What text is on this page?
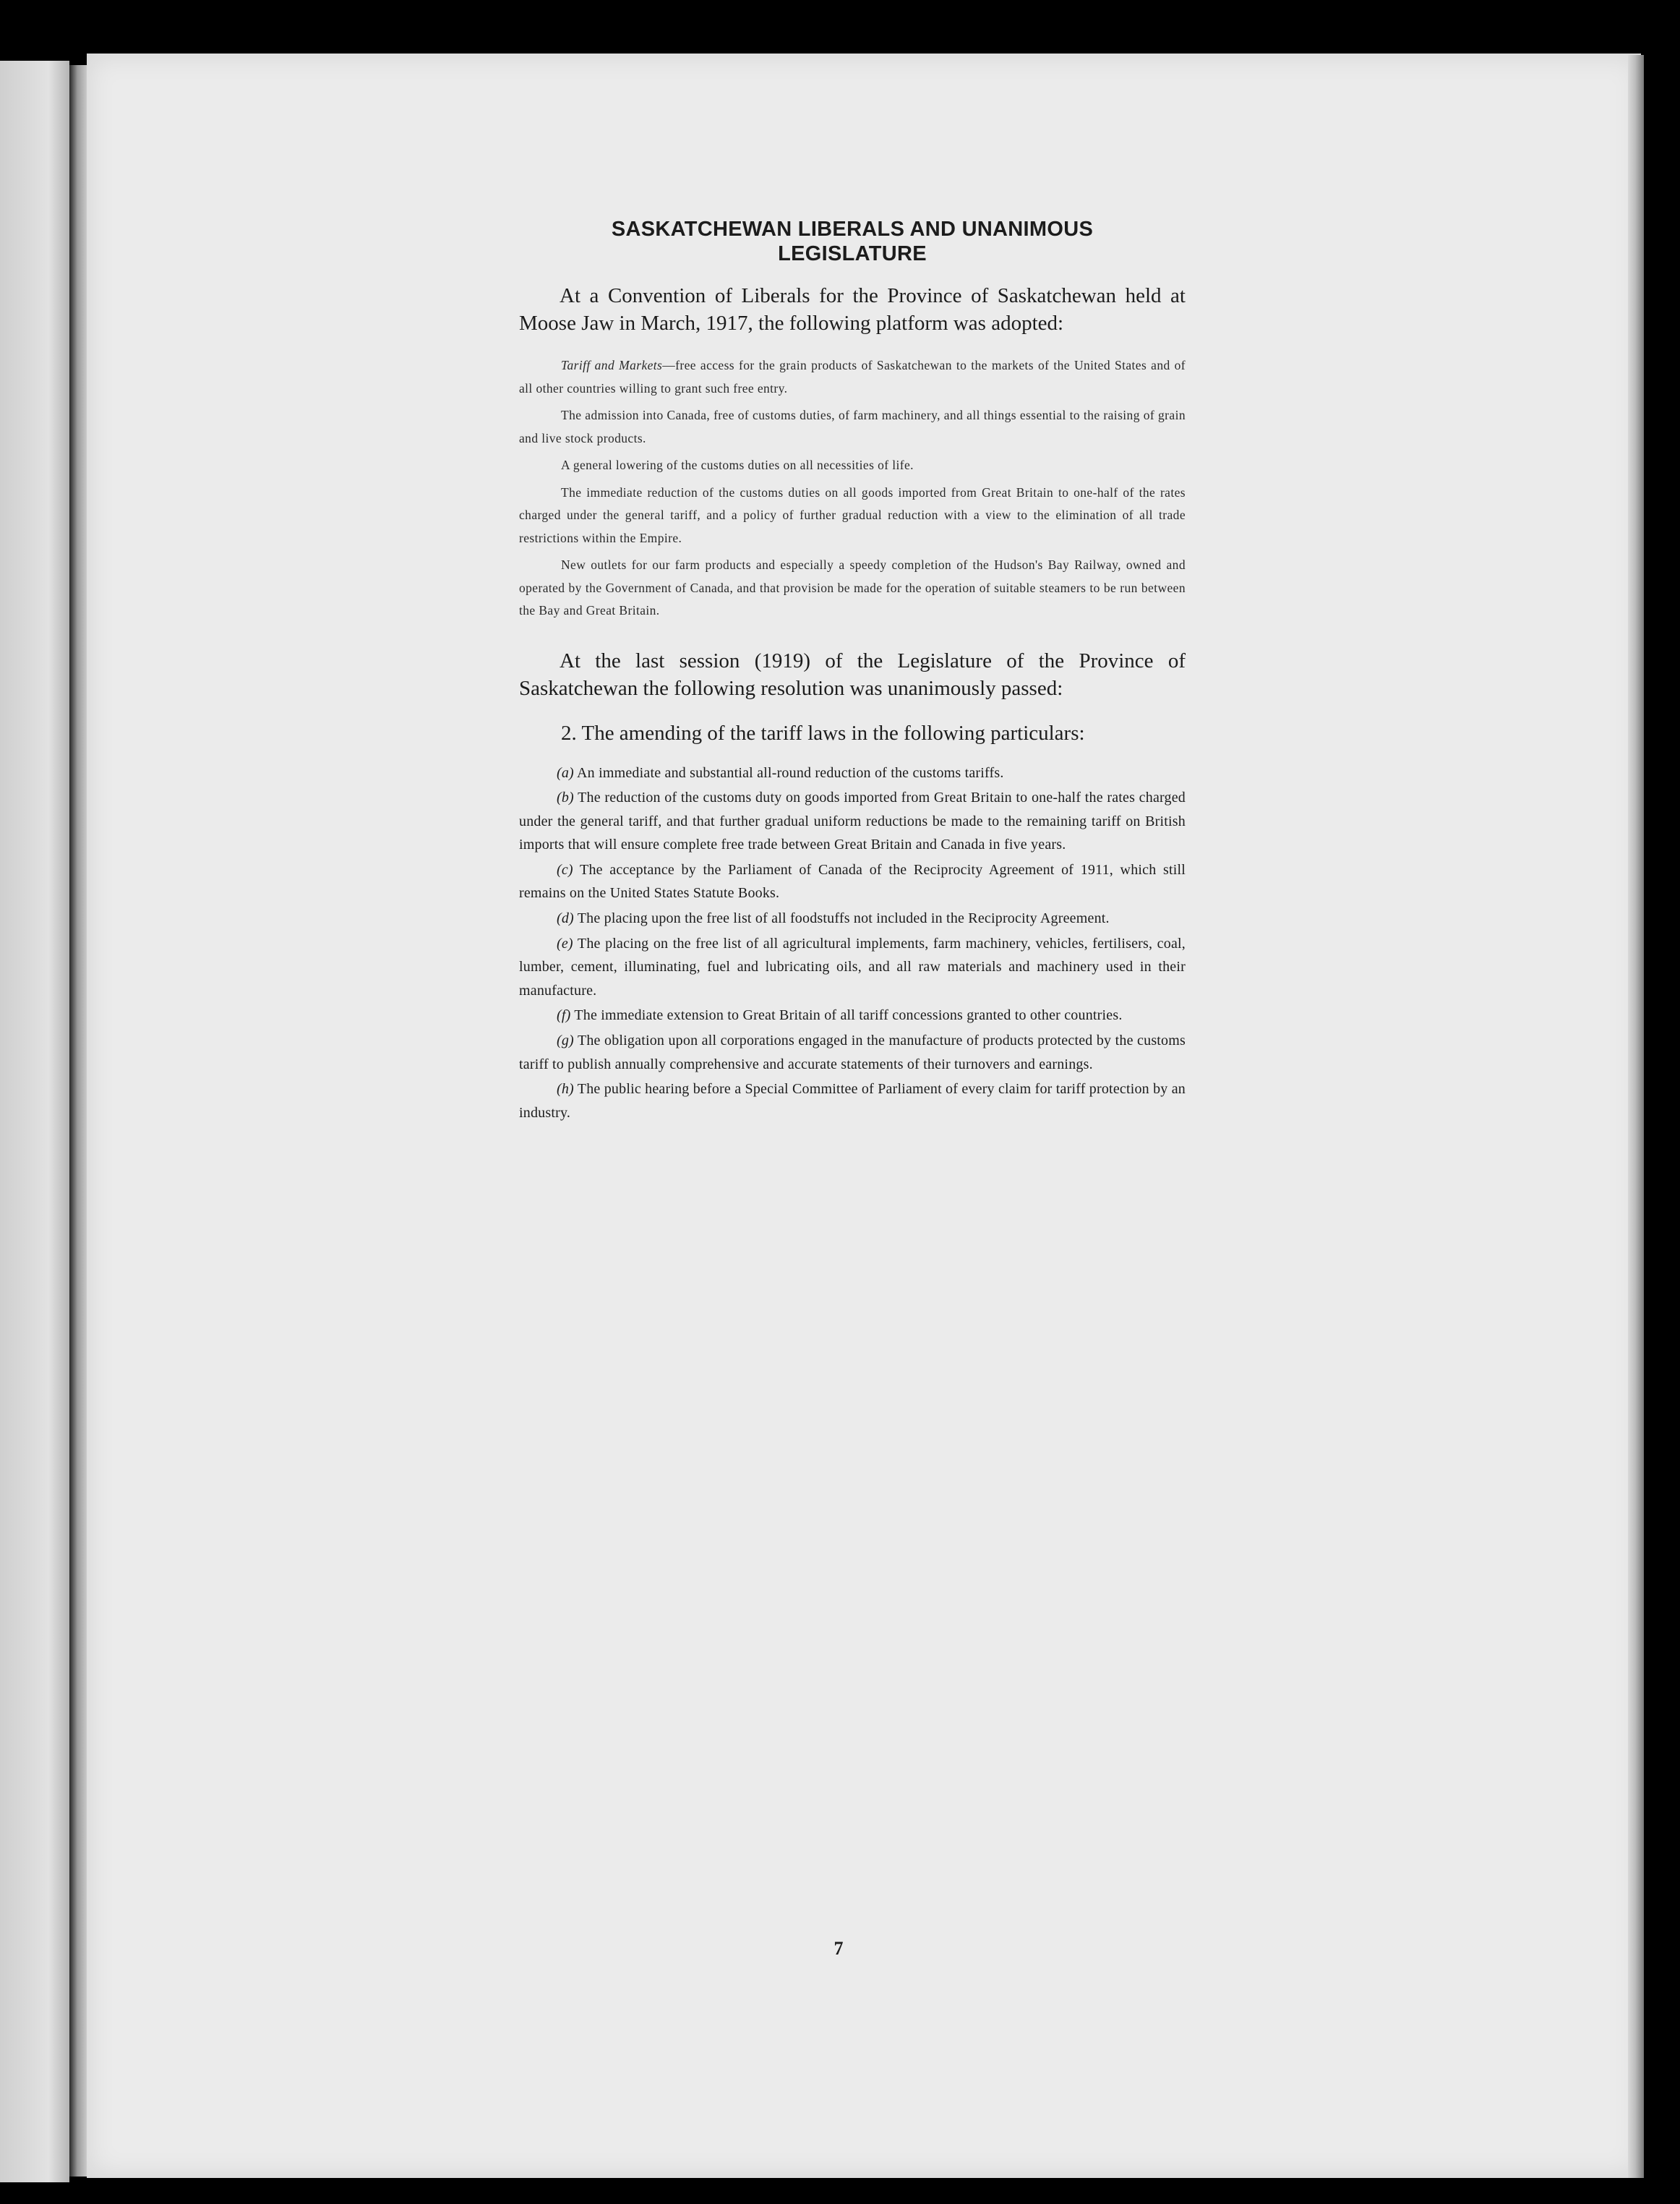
SASKATCHEWAN LIBERALS AND UNANIMOUS
LEGISLATURE

At a Convention of Liberals for the Province of Saskatchewan held at Moose Jaw in March, 1917, the following platform was adopted:

Tariff and Markets—free access for the grain products of Saskatchewan to the markets of the United States and of all other countries willing to grant such free entry.

The admission into Canada, free of customs duties, of farm machinery, and all things essential to the raising of grain and live stock products.

A general lowering of the customs duties on all necessities of life.

The immediate reduction of the customs duties on all goods imported from Great Britain to one-half of the rates charged under the general tariff, and a policy of further gradual reduction with a view to the elimination of all trade restrictions within the Empire.

New outlets for our farm products and especially a speedy completion of the Hudson's Bay Railway, owned and operated by the Government of Canada, and that provision be made for the operation of suitable steamers to be run between the Bay and Great Britain.

At the last session (1919) of the Legislature of the Province of Saskatchewan the following resolution was unanimously passed:

2. The amending of the tariff laws in the following particulars:

(a) An immediate and substantial all-round reduction of the customs tariffs.

(b) The reduction of the customs duty on goods imported from Great Britain to one-half the rates charged under the general tariff, and that further gradual uniform reductions be made to the remaining tariff on British imports that will ensure complete free trade between Great Britain and Canada in five years.

(c) The acceptance by the Parliament of Canada of the Reciprocity Agreement of 1911, which still remains on the United States Statute Books.

(d) The placing upon the free list of all foodstuffs not included in the Reciprocity Agreement.

(e) The placing on the free list of all agricultural implements, farm machinery, vehicles, fertilisers, coal, lumber, cement, illuminating, fuel and lubricating oils, and all raw materials and machinery used in their manufacture.

(f) The immediate extension to Great Britain of all tariff concessions granted to other countries.

(g) The obligation upon all corporations engaged in the manufacture of products protected by the customs tariff to publish annually comprehensive and accurate statements of their turnovers and earnings.

(h) The public hearing before a Special Committee of Parliament of every claim for tariff protection by an industry.

7
